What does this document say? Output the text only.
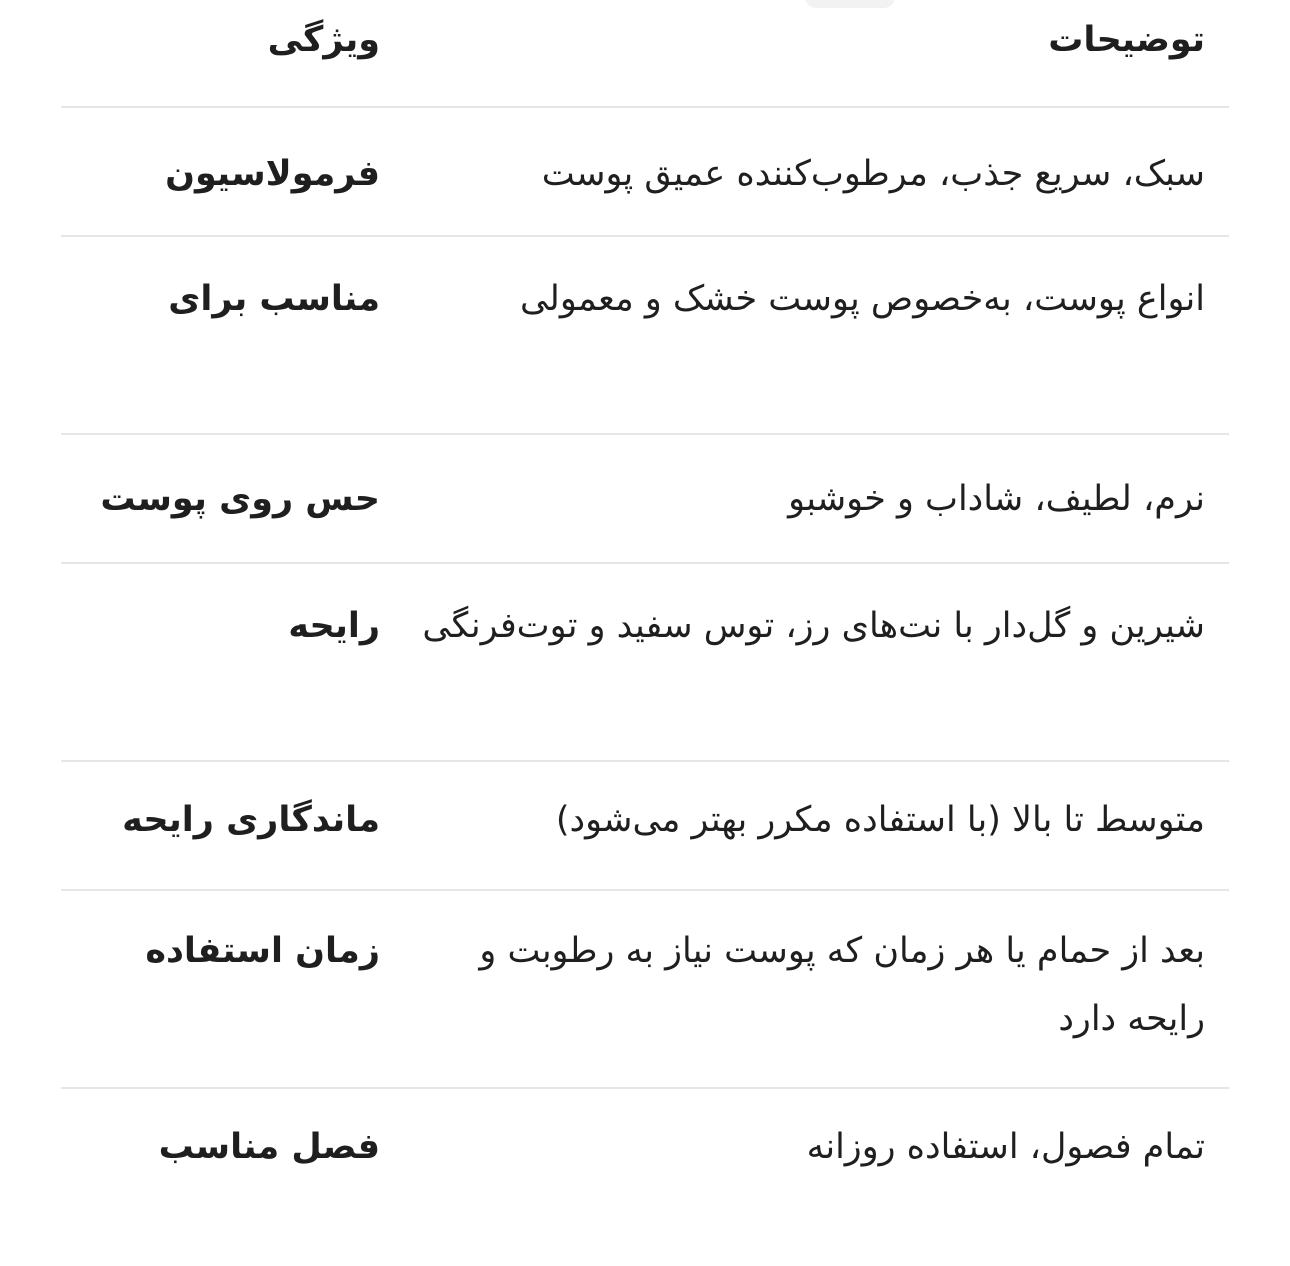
توضیحات
ویژگی
سبک، سریع جذب، مرطوب‌کننده عمیق پوست
فرمولاسیون
انواع پوست، به‌خصوص پوست خشک و معمولی
مناسب برای
نرم، لطیف، شاداب و خوشبو
حس روی پوست
شیرین و گل‌دار با نت‌های رز، توس سفید و توت‌فرنگی
رایحه
متوسط تا بالا (با استفاده مکرر بهتر می‌شود)
ماندگاری رایحه
بعد از حمام یا هر زمان که پوست نیاز به رطوبت و رایحه دارد
زمان استفاده
تمام فصول، استفاده روزانه
فصل مناسب
